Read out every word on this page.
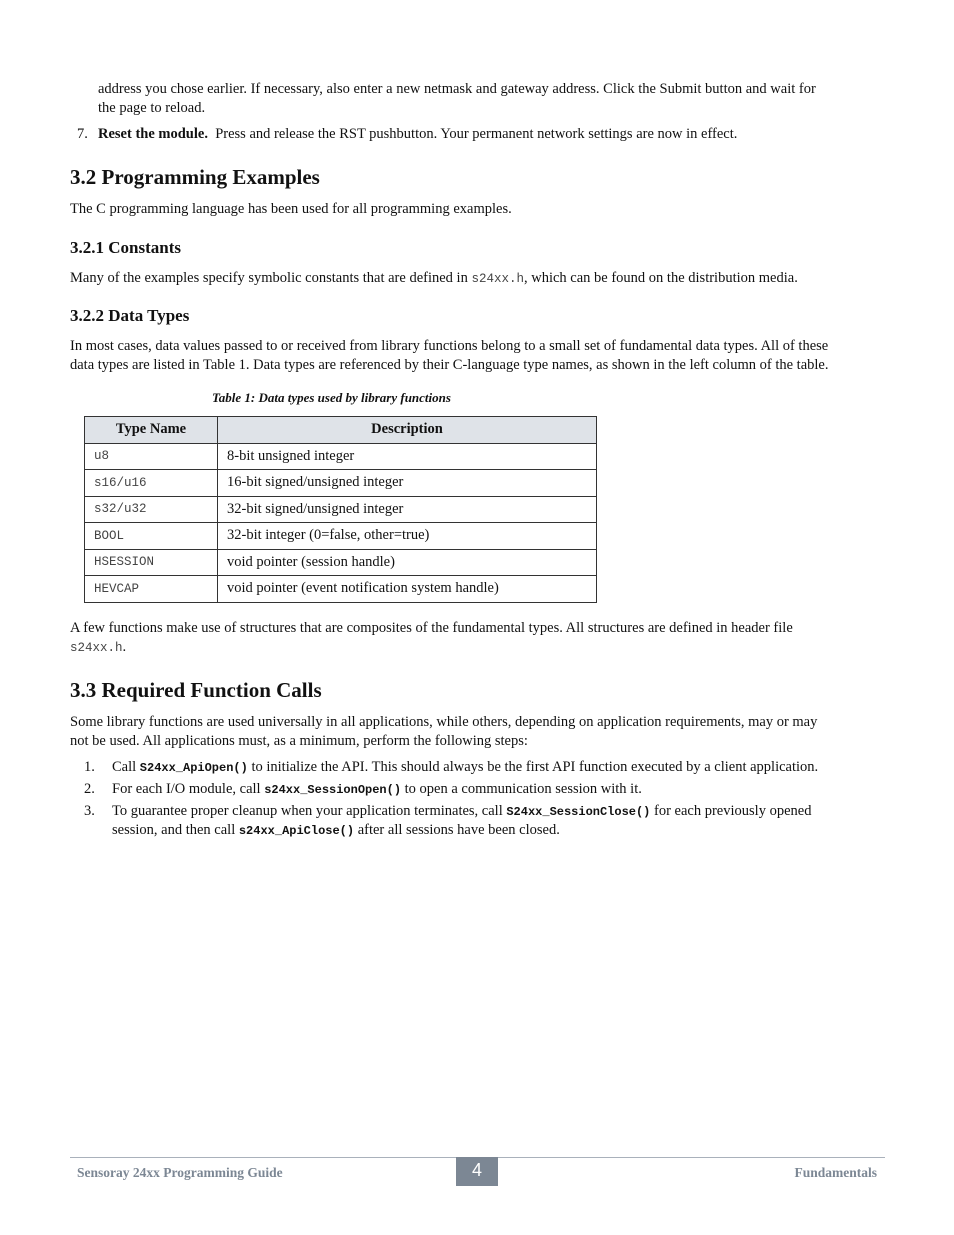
address you chose earlier. If necessary, also enter a new netmask and gateway address. Click the Submit button and wait for
the page to reload.
7. Reset the module. Press and release the RST pushbutton. Your permanent network settings are now in effect.
3.2 Programming Examples
The C programming language has been used for all programming examples.
3.2.1 Constants
Many of the examples specify symbolic constants that are defined in s24xx.h, which can be found on the distribution media.
3.2.2 Data Types
In most cases, data values passed to or received from library functions belong to a small set of fundamental data types. All of these
data types are listed in Table 1. Data types are referenced by their C-language type names, as shown in the left column of the table.
Table 1: Data types used by library functions
Type Name	Description
u8	8-bit unsigned integer
s16/u16	16-bit signed/unsigned integer
s32/u32	32-bit signed/unsigned integer
BOOL	32-bit integer (0=false, other=true)
HSESSION	void pointer (session handle)
HEVCAP	void pointer (event notification system handle)
A few functions make use of structures that are composites of the fundamental types. All structures are defined in header file
s24xx.h.
3.3 Required Function Calls
Some library functions are used universally in all applications, while others, depending on application requirements, may or may
not be used. All applications must, as a minimum, perform the following steps:
1. Call S24xx_ApiOpen() to initialize the API. This should always be the first API function executed by a client application.
2. For each I/O module, call s24xx_SessionOpen() to open a communication session with it.
3. To guarantee proper cleanup when your application terminates, call S24xx_SessionClose() for each previously opened
session, and then call s24xx_ApiClose() after all sessions have been closed.
Sensoray 24xx Programming Guide	4	Fundamentals
